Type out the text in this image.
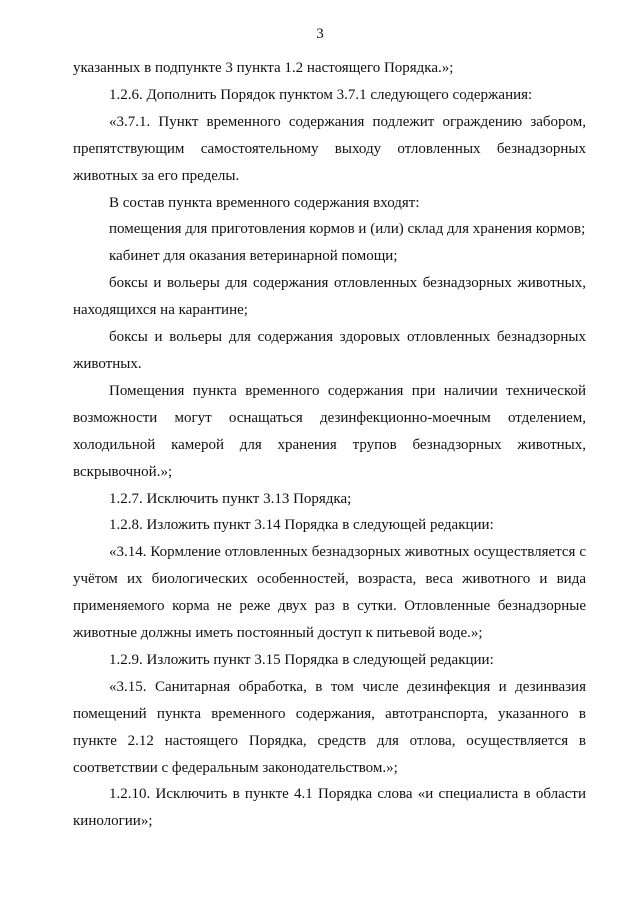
3

указанных в подпункте 3 пункта 1.2 настоящего Порядка.»;

1.2.6. Дополнить Порядок пунктом 3.7.1 следующего содержания:

«3.7.1. Пункт временного содержания подлежит ограждению забором, препятствующим самостоятельному выходу отловленных безнадзорных животных за его пределы.

В состав пункта временного содержания входят:

помещения для приготовления кормов и (или) склад для хранения кормов;

кабинет для оказания ветеринарной помощи;

боксы и вольеры для содержания отловленных безнадзорных животных, находящихся на карантине;

боксы и вольеры для содержания здоровых отловленных безнадзорных животных.

Помещения пункта временного содержания при наличии технической возможности могут оснащаться дезинфекционно-моечным отделением, холодильной камерой для хранения трупов безнадзорных животных, вскрывочной.»;

1.2.7. Исключить пункт 3.13 Порядка;

1.2.8. Изложить пункт 3.14 Порядка в следующей редакции:

«3.14. Кормление отловленных безнадзорных животных осуществляется с учётом их биологических особенностей, возраста, веса животного и вида применяемого корма не реже двух раз в сутки. Отловленные безнадзорные животные должны иметь постоянный доступ к питьевой воде.»;

1.2.9. Изложить пункт 3.15 Порядка в следующей редакции:

«3.15. Санитарная обработка, в том числе дезинфекция и дезинвазия помещений пункта временного содержания, автотранспорта, указанного в пункте 2.12 настоящего Порядка, средств для отлова, осуществляется в соответствии с федеральным законодательством.»;

1.2.10. Исключить в пункте 4.1 Порядка слова «и специалиста в области кинологии»;
